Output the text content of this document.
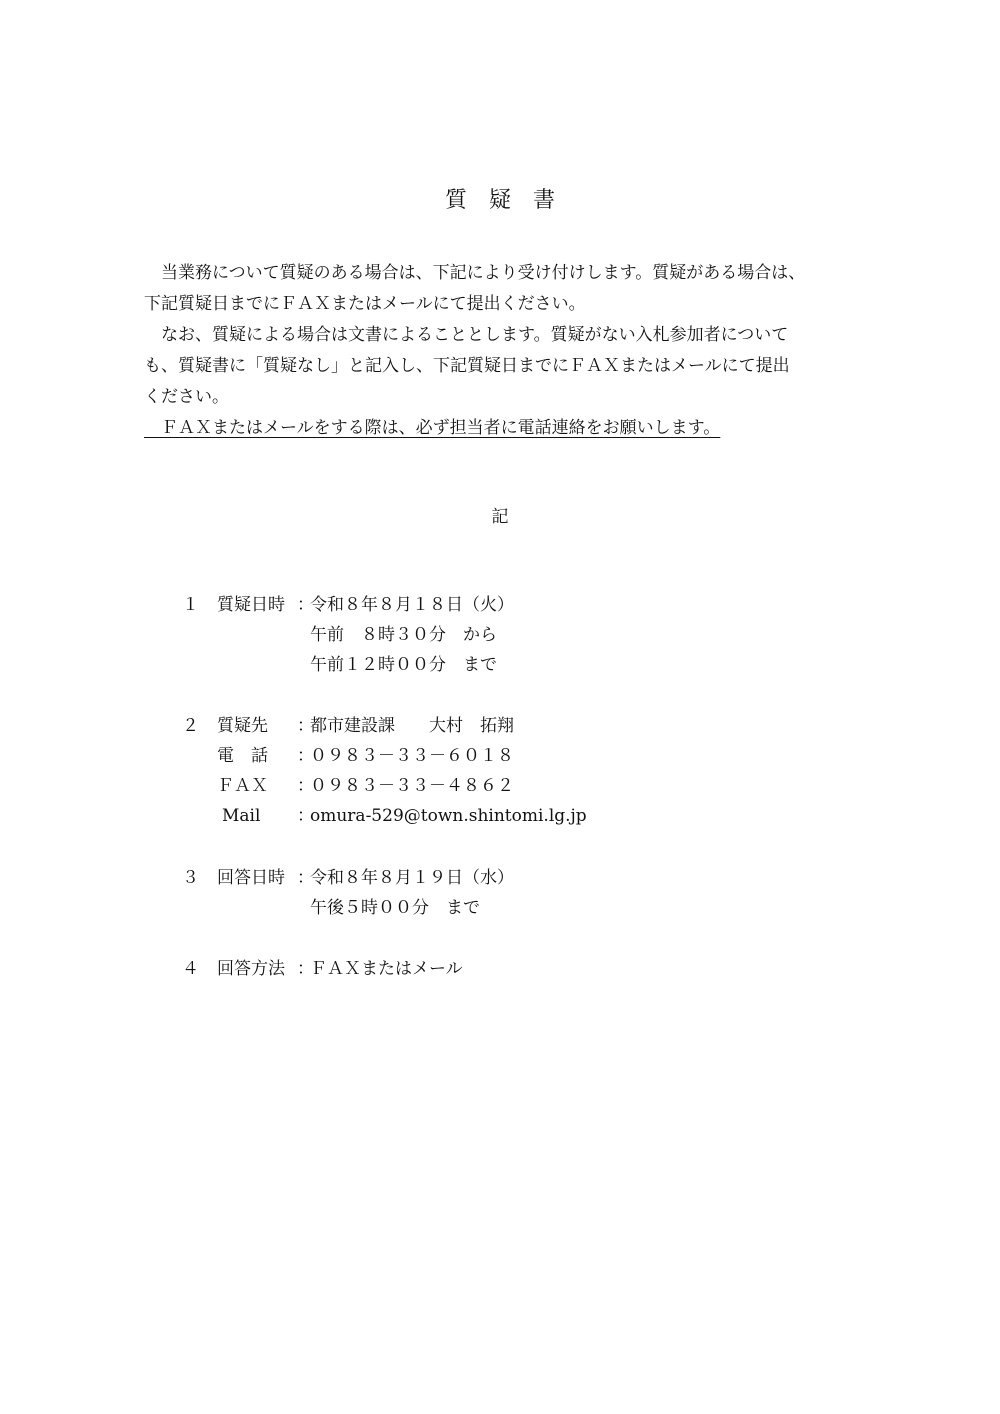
質　疑　書
　当業務について質疑のある場合は、下記により受け付けします。質疑がある場合は、
下記質疑日までにＦＡＸまたはメールにて提出ください。
　なお、質疑による場合は文書によることとします。質疑がない入札参加者について
も、質疑書に「質疑なし」と記入し、下記質疑日までにＦＡＸまたはメールにて提出
ください。
　ＦＡＸまたはメールをする際は、必ず担当者に電話連絡をお願いします。
記
１ 質疑日時 ：
令和８年８月１８日（火）
午前　８時３０分　から
午前１２時００分　まで
２ 質疑先 ：
都市建設課　　大村　拓翔
電　話 ：
０９８３－３３－６０１８
ＦＡＸ ：
０９８３－３３－４８６２
Mail ：
omura-529@town.shintomi.lg.jp
３ 回答日時 ：
令和８年８月１９日（水）
午後５時００分　まで
４ 回答方法 ：
ＦＡＸまたはメール
